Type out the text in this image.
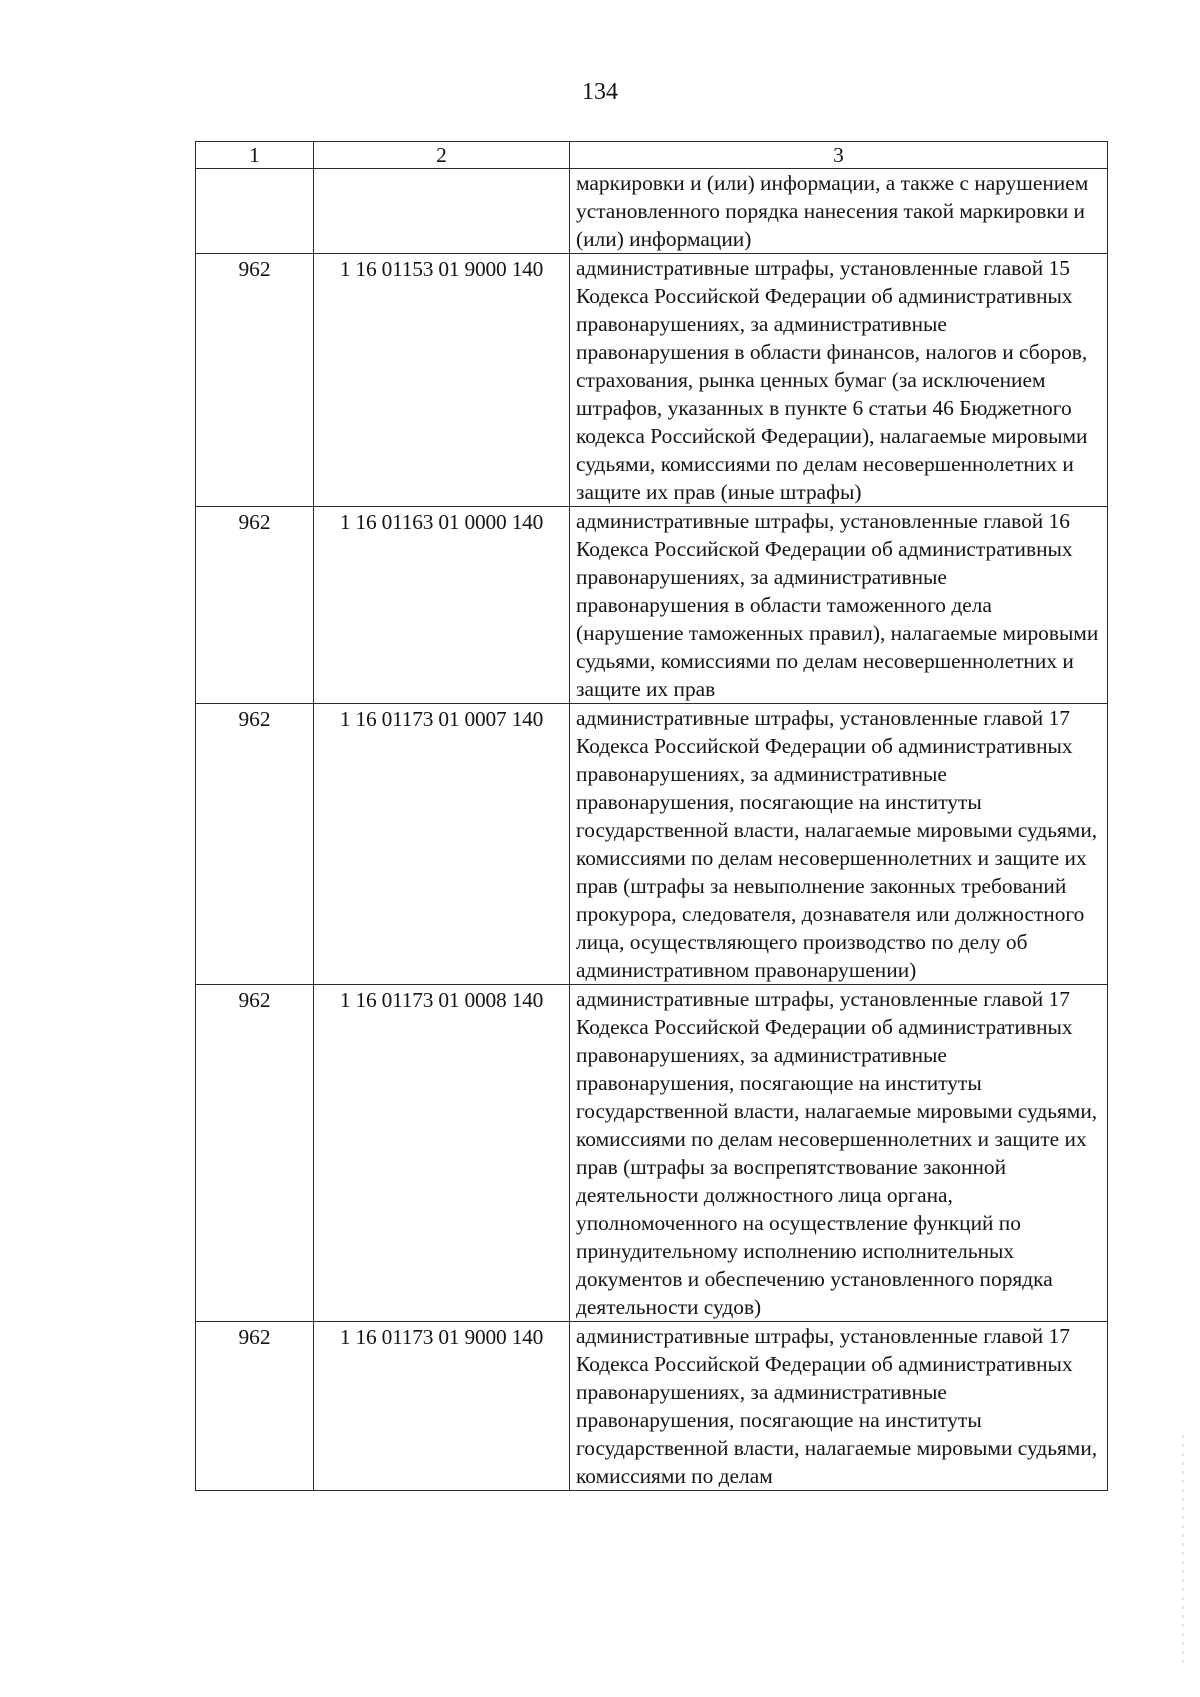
134
1	2	3
		маркировки и (или) информации, а также с нарушением установленного порядка нанесения такой маркировки и (или) информации)
962	1 16 01153 01 9000 140	административные штрафы, установленные главой 15 Кодекса Российской Федерации об административных правонарушениях, за административные правонарушения в области финансов, налогов и сборов, страхования, рынка ценных бумаг (за исключением штрафов, указанных в пункте 6 статьи 46 Бюджетного кодекса Российской Федерации), налагаемые мировыми судьями, комиссиями по делам несовершеннолетних и защите их прав (иные штрафы)
962	1 16 01163 01 0000 140	административные штрафы, установленные главой 16 Кодекса Российской Федерации об административных правонарушениях, за административные правонарушения в области таможенного дела (нарушение таможенных правил), налагаемые мировыми судьями, комиссиями по делам несовершеннолетних и защите их прав
962	1 16 01173 01 0007 140	административные штрафы, установленные главой 17 Кодекса Российской Федерации об административных правонарушениях, за административные правонарушения, посягающие на институты государственной власти, налагаемые мировыми судьями, комиссиями по делам несовершеннолетних и защите их прав (штрафы за невыполнение законных требований прокурора, следователя, дознавателя или должностного лица, осуществляющего производство по делу об административном правонарушении)
962	1 16 01173 01 0008 140	административные штрафы, установленные главой 17 Кодекса Российской Федерации об административных правонарушениях, за административные правонарушения, посягающие на институты государственной власти, налагаемые мировыми судьями, комиссиями по делам несовершеннолетних и защите их прав (штрафы за воспрепятствование законной деятельности должностного лица органа, уполномоченного на осуществление функций по принудительному исполнению исполнительных документов и обеспечению установленного порядка деятельности судов)
962	1 16 01173 01 9000 140	административные штрафы, установленные главой 17 Кодекса Российской Федерации об административных правонарушениях, за административные правонарушения, посягающие на институты государственной власти, налагаемые мировыми судьями, комиссиями по делам
